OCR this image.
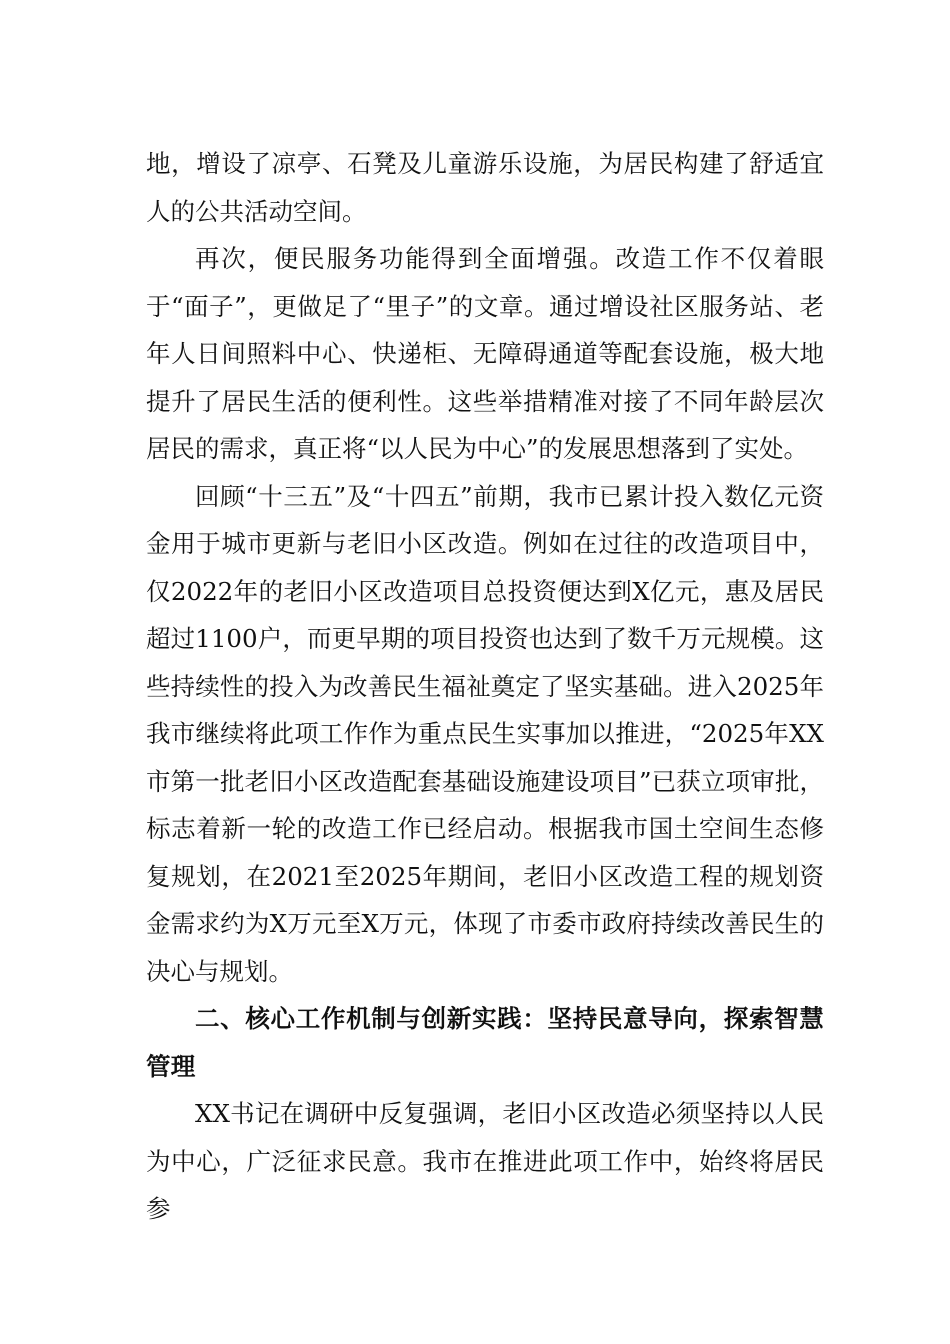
地，增设了凉亭、石凳及儿童游乐设施，为居民构建了舒适宜人的公共活动空间。

再次，便民服务功能得到全面增强。改造工作不仅着眼于“面子”，更做足了“里子”的文章。通过增设社区服务站、老年人日间照料中心、快递柜、无障碍通道等配套设施，极大地提升了居民生活的便利性。这些举措精准对接了不同年龄层次居民的需求，真正将“以人民为中心”的发展思想落到了实处。

回顾“十三五”及“十四五”前期，我市已累计投入数亿元资金用于城市更新与老旧小区改造。例如在过往的改造项目中，仅2022年的老旧小区改造项目总投资便达到X亿元，惠及居民超过1100户，而更早期的项目投资也达到了数千万元规模。这些持续性的投入为改善民生福祉奠定了坚实基础。进入2025年我市继续将此项工作作为重点民生实事加以推进，“2025年XX市第一批老旧小区改造配套基础设施建设项目”已获立项审批，标志着新一轮的改造工作已经启动。根据我市国土空间生态修复规划，在2021至2025年期间，老旧小区改造工程的规划资金需求约为X万元至X万元，体现了市委市政府持续改善民生的决心与规划。

二、核心工作机制与创新实践：坚持民意导向，探索智慧管理

XX书记在调研中反复强调，老旧小区改造必须坚持以人民为中心，广泛征求民意。我市在推进此项工作中，始终将居民参
